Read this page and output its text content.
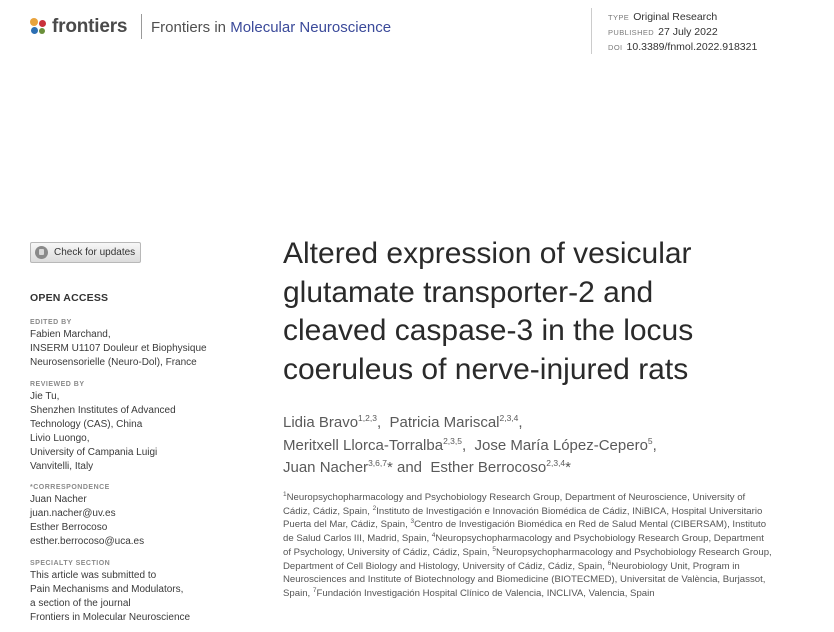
frontiers Frontiers in Molecular Neuroscience
TYPE Original Research
PUBLISHED 27 July 2022
DOI 10.3389/fnmol.2022.918321
Check for updates
OPEN ACCESS
EDITED BY
Fabien Marchand,
INSERM U1107 Douleur et Biophysique
Neurosensorielle (Neuro-Dol), France
REVIEWED BY
Jie Tu,
Shenzhen Institutes of Advanced
Technology (CAS), China
Livio Luongo,
University of Campania Luigi
Vanvitelli, Italy
*CORRESPONDENCE
Juan Nacher
juan.nacher@uv.es
Esther Berrocoso
esther.berrocoso@uca.es
SPECIALTY SECTION
This article was submitted to
Pain Mechanisms and Modulators,
a section of the journal
Frontiers in Molecular Neuroscience
Altered expression of vesicular
glutamate transporter-2 and
cleaved caspase-3 in the locus
coeruleus of nerve-injured rats
Lidia Bravo$^{1,2,3}$,  Patricia Mariscal$^{2,3,4}$,
Meritxell Llorca-Torralba$^{2,3,5}$,  Jose María López-Cepero$^5$,
Juan Nacher$^{3,6,7}$* and Esther Berrocoso$^{2,3,4}$*
$^1$Neuropsychopharmacology and Psychobiology Research Group, Department of Neuroscience, University of Cádiz, Cádiz, Spain, $^2$Instituto de Investigación e Innovación Biomédica de Cádiz, INiBICA, Hospital Universitario Puerta del Mar, Cádiz, Spain, $^3$Centro de Investigación Biomédica en Red de Salud Mental (CIBERSAM), Instituto de Salud Carlos III, Madrid, Spain, $^4$Neuropsychopharmacology and Psychobiology Research Group, Department of Psychology, University of Cádiz, Cádiz, Spain, $^5$Neuropsychopharmacology and Psychobiology Research Group, Department of Cell Biology and Histology, University of Cádiz, Cádiz, Spain, $^6$Neurobiology Unit, Program in Neurosciences and Institute of Biotechnology and Biomedicine (BIOTECMED), Universitat de València, Burjassot, Spain, $^7$Fundación Investigación Hospital Clínico de Valencia, INCLIVA, Valencia, Spain
